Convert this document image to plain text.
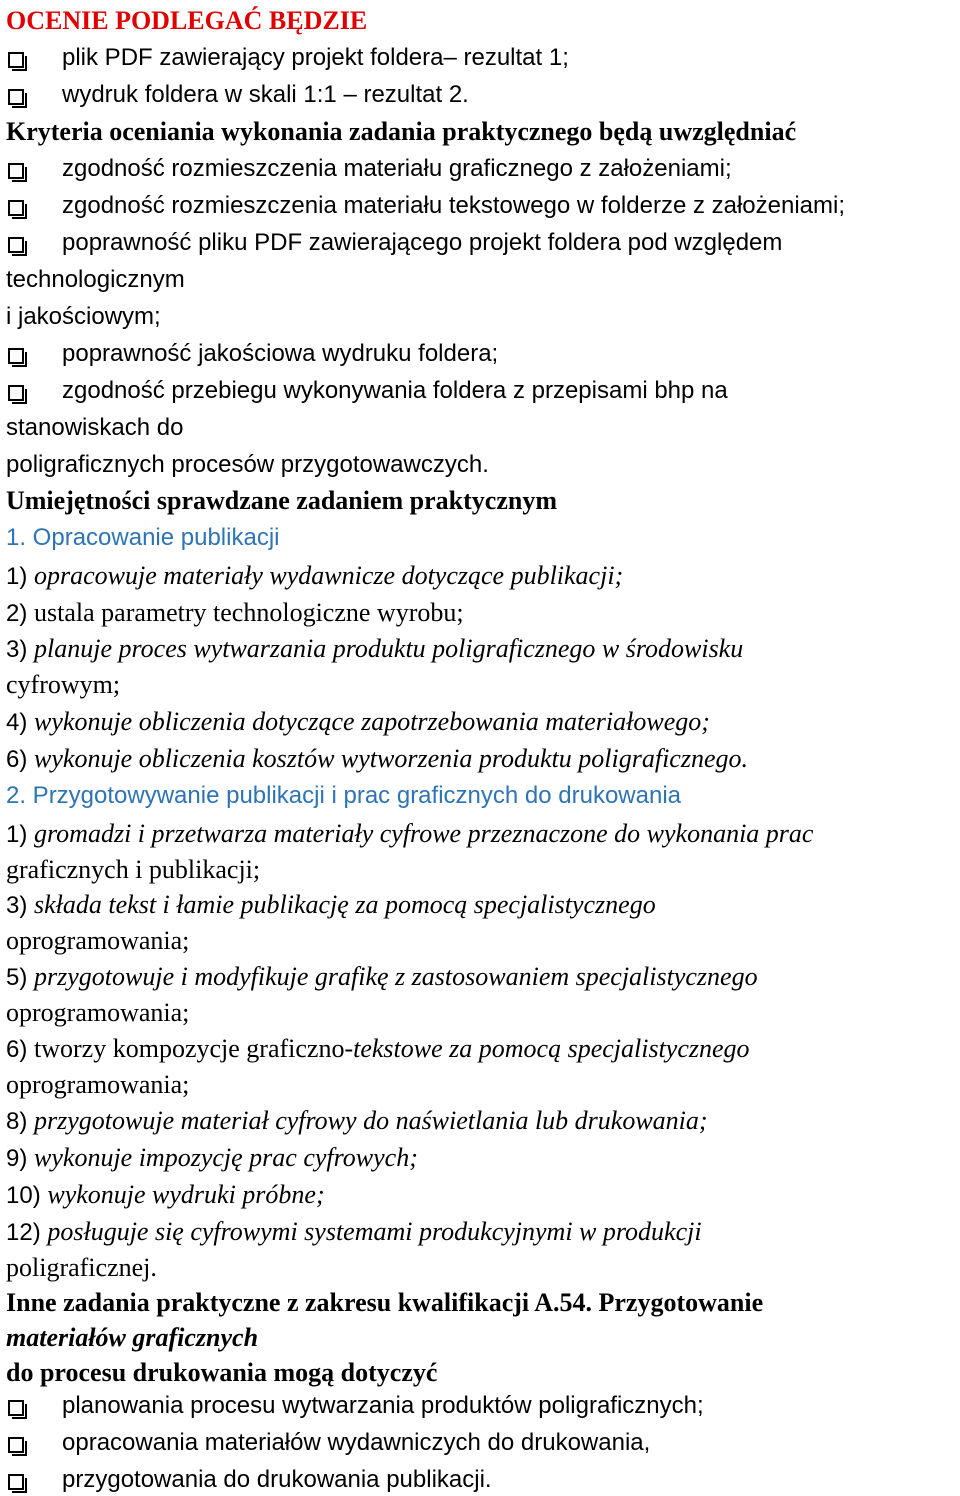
OCENIE PODLEGAĆ BĘDZIE
plik PDF zawierający projekt foldera– rezultat 1;
wydruk foldera w skali 1:1 – rezultat 2.
Kryteria oceniania wykonania zadania praktycznego będą uwzględniać
zgodność rozmieszczenia materiału graficznego z założeniami;
zgodność rozmieszczenia materiału tekstowego w folderze z założeniami;
poprawność pliku PDF zawierającego projekt foldera pod względem
technologicznym
i jakościowym;
poprawność jakościowa wydruku foldera;
zgodność przebiegu wykonywania foldera z przepisami bhp na
stanowiskach do
poligraficznych procesów przygotowawczych.
Umiejętności sprawdzane zadaniem praktycznym
1. Opracowanie publikacji
1) opracowuje materiały wydawnicze dotyczące publikacji;
2) ustala parametry technologiczne wyrobu;
3) planuje proces wytwarzania produktu poligraficznego w środowisku
cyfrowym;
4) wykonuje obliczenia dotyczące zapotrzebowania materiałowego;
6) wykonuje obliczenia kosztów wytworzenia produktu poligraficznego.
2. Przygotowywanie publikacji i prac graficznych do drukowania
1) gromadzi i przetwarza materiały cyfrowe przeznaczone do wykonania prac
graficznych i publikacji;
3) składa tekst i łamie publikację za pomocą specjalistycznego
oprogramowania;
5) przygotowuje i modyfikuje grafikę z zastosowaniem specjalistycznego
oprogramowania;
6) tworzy kompozycje graficzno-tekstowe za pomocą specjalistycznego
oprogramowania;
8) przygotowuje materiał cyfrowy do naświetlania lub drukowania;
9) wykonuje impozycję prac cyfrowych;
10) wykonuje wydruki próbne;
12) posługuje się cyfrowymi systemami produkcyjnymi w produkcji
poligraficznej.
Inne zadania praktyczne z zakresu kwalifikacji A.54. Przygotowanie
materiałów graficznych
do procesu drukowania mogą dotyczyć
planowania procesu wytwarzania produktów poligraficznych;
opracowania materiałów wydawniczych do drukowania,
przygotowania do drukowania publikacji.
